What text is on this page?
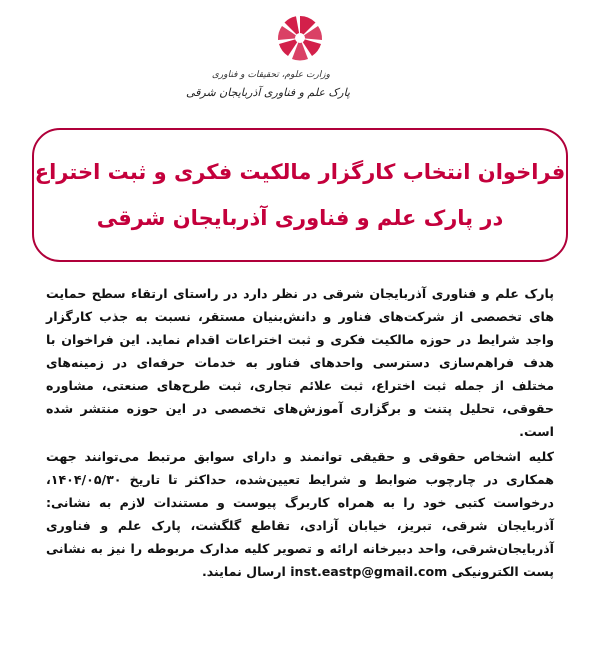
وزارت علوم، تحقیقات و فناوری
پارک علم و فناوری آذربایجان شرقی
فراخوان انتخاب کارگزار مالکیت فکری و ثبت اختراع
در پارک علم و فناوری آذربایجان شرقی

پارک علم و فناوری آذربایجان شرقی در نظر دارد در راستای ارتقاء سطح حمایت های تخصصی از شرکت‌های فناور و دانش‌بنیان مستقر، نسبت به جذب کارگزار واجد شرایط در حوزه مالکیت فکری و ثبت اختراعات اقدام نماید. این فراخوان با هدف فراهم‌سازی دسترسی واحدهای فناور به خدمات حرفه‌ای در زمینه‌های مختلف از جمله ثبت اختراع، ثبت علائم تجاری، ثبت طرح‌های صنعتی، مشاوره حقوقی، تحلیل پتنت و برگزاری آموزش‌های تخصصی در این حوزه منتشر شده است.

کلیه اشخاص حقوقی و حقیقی توانمند و دارای سوابق مرتبط می‌توانند جهت همکاری در چارچوب ضوابط و شرایط تعیین‌شده، حداکثر تا تاریخ ۱۴۰۴/۰۵/۳۰، درخواست کتبی خود را به همراه کاربرگ پیوست و مستندات لازم به نشانی: آذربایجان شرقی، تبریز، خیابان آزادی، تقاطع گلگشت، پارک علم و فناوری آذربایجان‌شرقی، واحد دبیرخانه ارائه و تصویر کلیه مدارک مربوطه را نیز به نشانی پست الکترونیکی inst.eastp@gmail.com ارسال نمایند.
